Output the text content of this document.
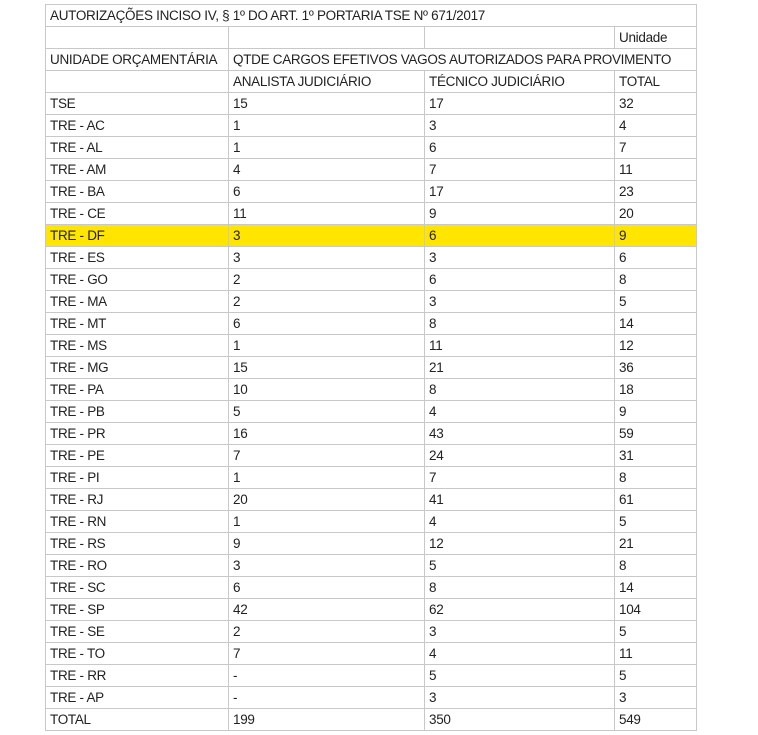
AUTORIZAÇÕES INCISO IV, § 1º DO ART. 1º PORTARIA TSE Nº 671/2017			
			Unidade
UNIDADE ORÇAMENTÁRIA	QTDE CARGOS EFETIVOS VAGOS AUTORIZADOS PARA PROVIMENTO		
	ANALISTA JUDICIÁRIO	TÉCNICO JUDICIÁRIO	TOTAL
TSE	15	17	32
TRE - AC	1	3	4
TRE - AL	1	6	7
TRE - AM	4	7	11
TRE - BA	6	17	23
TRE - CE	11	9	20
TRE - DF	3	6	9
TRE - ES	3	3	6
TRE - GO	2	6	8
TRE - MA	2	3	5
TRE - MT	6	8	14
TRE - MS	1	11	12
TRE - MG	15	21	36
TRE - PA	10	8	18
TRE - PB	5	4	9
TRE - PR	16	43	59
TRE - PE	7	24	31
TRE - PI	1	7	8
TRE - RJ	20	41	61
TRE - RN	1	4	5
TRE - RS	9	12	21
TRE - RO	3	5	8
TRE - SC	6	8	14
TRE - SP	42	62	104
TRE - SE	2	3	5
TRE - TO	7	4	11
TRE - RR	-	5	5
TRE - AP	-	3	3
TOTAL	199	350	549
